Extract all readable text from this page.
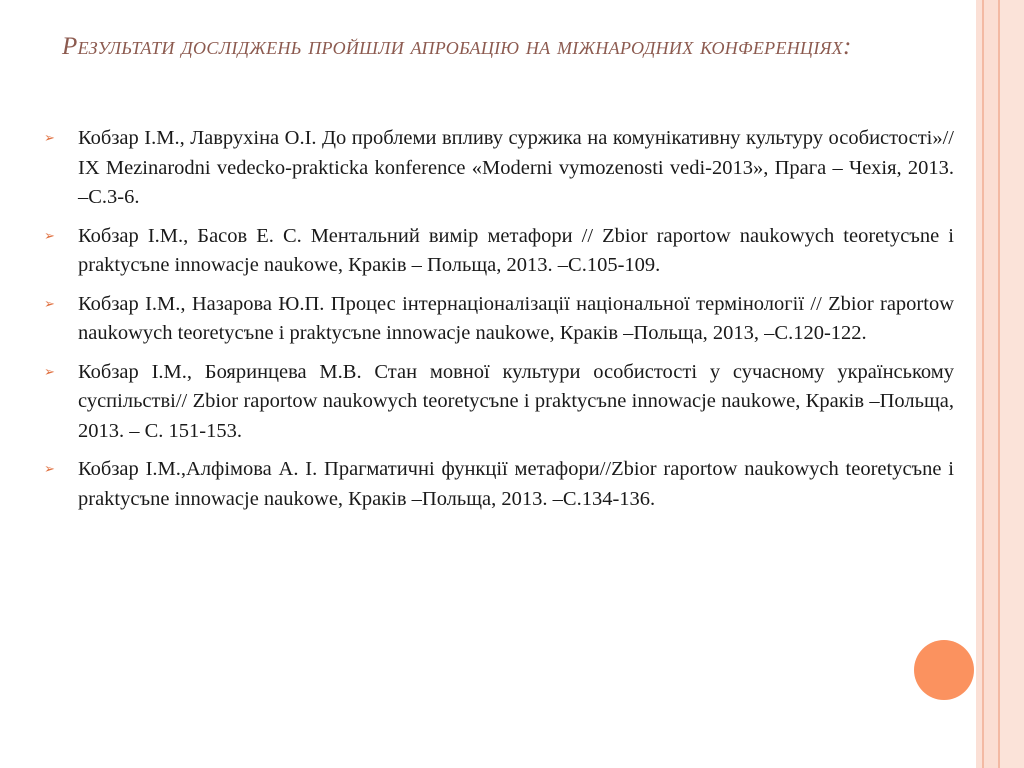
Результати досліджень пройшли апробацію на міжнародних конференціях:
➢ Кобзар І.М., Лаврухіна О.І. До проблеми впливу суржика на комунікативну культуру особистості»// IX Mezinarodni vedecko-prakticka konference «Moderni vymozenosti vedi-2013», Прага – Чехія, 2013. –С.3-6.
➢ Кобзар І.М., Басов Е. С. Ментальний вимір метафори // Zbior raportow naukowych teoretycъne i praktycъne innowacje naukowe, Краків – Польща, 2013. –С.105-109.
➢ Кобзар І.М., Назарова Ю.П. Процес інтернаціоналізації національної термінології // Zbior raportow naukowych teoretycъne i praktycъne innowacje naukowe, Краків –Польща, 2013, –С.120-122.
➢ Кобзар І.М., Бояринцева М.В. Стан мовної культури особистості у сучасному українському суспільстві// Zbior raportow naukowych teoretycъne i praktycъne innowacje naukowe, Краків –Польща, 2013. – С. 151-153.
➢ Кобзар І.М.,Алфімова А. І. Прагматичні функції метафори//Zbior raportow naukowych teoretycъne i praktycъne innowacje naukowe, Краків –Польща, 2013. –С.134-136.
